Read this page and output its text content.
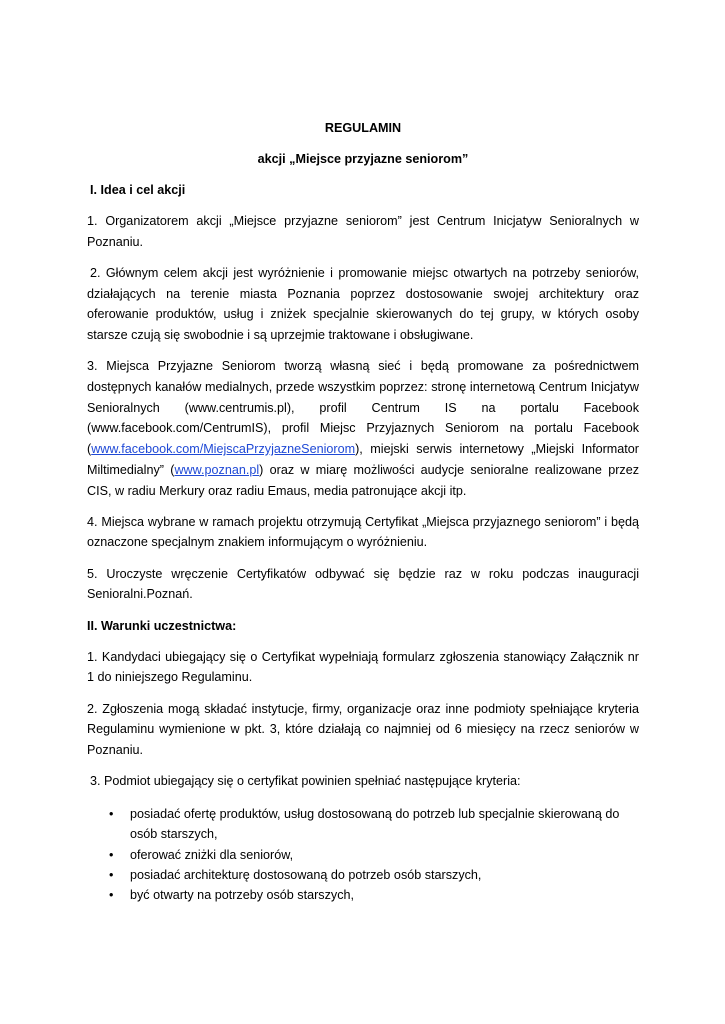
REGULAMIN

akcji „Miejsce przyjazne seniorom”

I. Idea i cel akcji

1. Organizatorem akcji „Miejsce przyjazne seniorom” jest Centrum Inicjatyw Senioralnych w Poznaniu.

2. Głównym celem akcji jest wyróżnienie i promowanie miejsc otwartych na potrzeby seniorów, działających na terenie miasta Poznania poprzez dostosowanie swojej architektury oraz oferowanie produktów, usług i zniżek specjalnie skierowanych do tej grupy, w których osoby starsze czują się swobodnie i są uprzejmie traktowane i obsługiwane.

3. Miejsca Przyjazne Seniorom tworzą własną sieć i będą promowane za pośrednictwem dostępnych kanałów medialnych, przede wszystkim poprzez: stronę internetową Centrum Inicjatyw Senioralnych (www.centrumis.pl), profil Centrum IS na portalu Facebook (www.facebook.com/CentrumIS), profil Miejsc Przyjaznych Seniorom na portalu Facebook (www.facebook.com/MiejscaPrzyjazneSeniorom), miejski serwis internetowy „Miejski Informator Miltimedialny” (www.poznan.pl) oraz w miarę możliwości audycje senioralne realizowane przez CIS, w radiu Merkury oraz radiu Emaus, media patronujące akcji itp.

4. Miejsca wybrane w ramach projektu otrzymują Certyfikat „Miejsca przyjaznego seniorom” i będą oznaczone specjalnym znakiem informującym o wyróżnieniu.

5. Uroczyste wręczenie Certyfikatów odbywać się będzie raz w roku podczas inauguracji Senioralni.Poznań.

II. Warunki uczestnictwa:

1. Kandydaci ubiegający się o Certyfikat wypełniają formularz zgłoszenia stanowiący Załącznik nr 1 do niniejszego Regulaminu.

2. Zgłoszenia mogą składać instytucje, firmy, organizacje oraz inne podmioty spełniające kryteria Regulaminu wymienione w pkt. 3, które działają co najmniej od 6 miesięcy na rzecz seniorów w Poznaniu.

3. Podmiot ubiegający się o certyfikat powinien spełniać następujące kryteria:

• posiadać ofertę produktów, usług dostosowaną do potrzeb lub specjalnie skierowaną do osób starszych,
• oferować zniżki dla seniorów,
• posiadać architekturę dostosowaną do potrzeb osób starszych,
• być otwarty na potrzeby osób starszych,
